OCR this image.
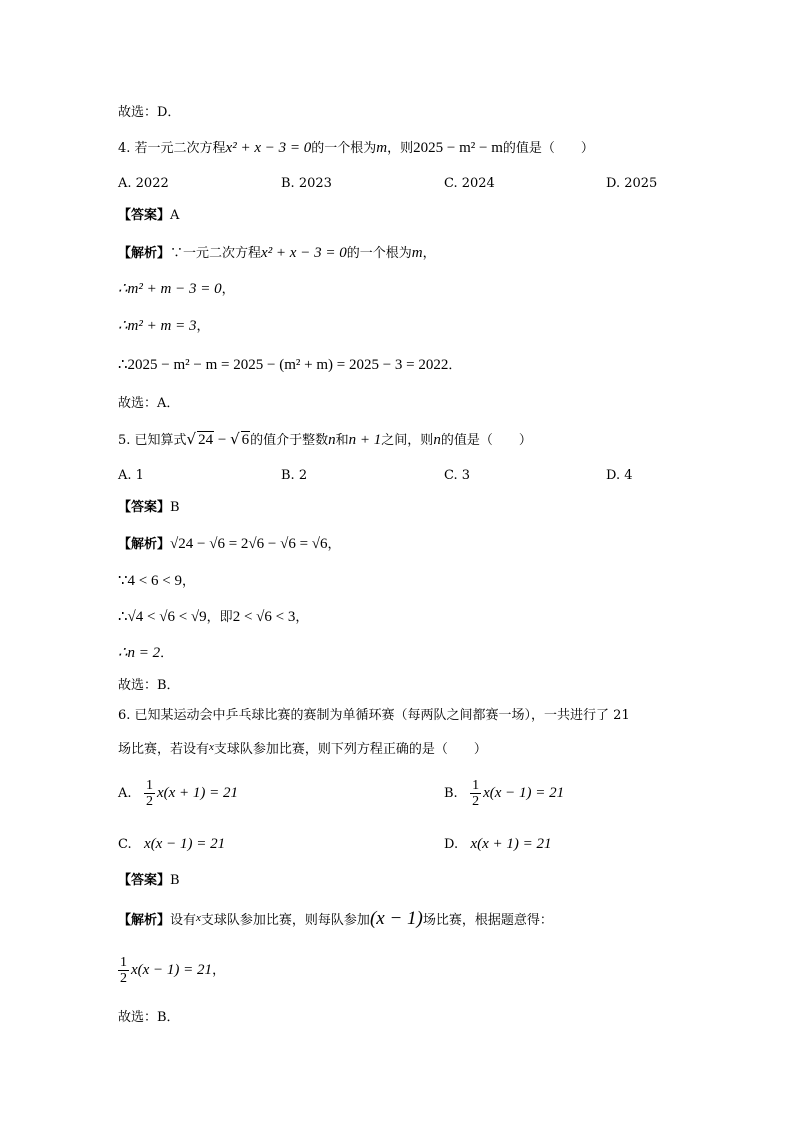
故选：D．
4. 若一元二次方程x² + x − 3 = 0的一个根为m，则2025 − m² − m的值是（　　）
A. 2022	B. 2023	C. 2024	D. 2025
【答案】A
【解析】∵一元二次方程x² + x − 3 = 0的一个根为m，
∴m² + m − 3 = 0，
∴m² + m = 3，
∴2025 − m² − m = 2025 − (m² + m) = 2025 − 3 = 2022．
故选：A．
5. 已知算式√ 24 − √ 6的值介于整数n和n + 1之间，则n的值是（　　）
A. 1	B. 2	C. 3	D. 4
【答案】B
【解析】√24 − √6 = 2√6 − √6 = √6，
∵4 < 6 < 9，
∴√4 < √6 < √9，即2 < √6 < 3，
∴n = 2．
故选：B．
6. 已知某运动会中乒乓球比赛的赛制为单循环赛（每两队之间都赛一场），一共进行了 21
场比赛，若设有$^x$支球队参加比赛，则下列方程正确的是（　　）
A. $\frac{1}{2} x(x + 1) = 21$	B. $\frac{1}{2} x(x - 1) = 21$
C. x(x − 1) = 21	D. x(x + 1) = 21
【答案】B
【解析】设有$^x$支球队参加比赛，则每队参加(x − 1)场比赛，根据题意得：
$\frac{1}{2} x(x - 1) = 21$，
故选：B．
